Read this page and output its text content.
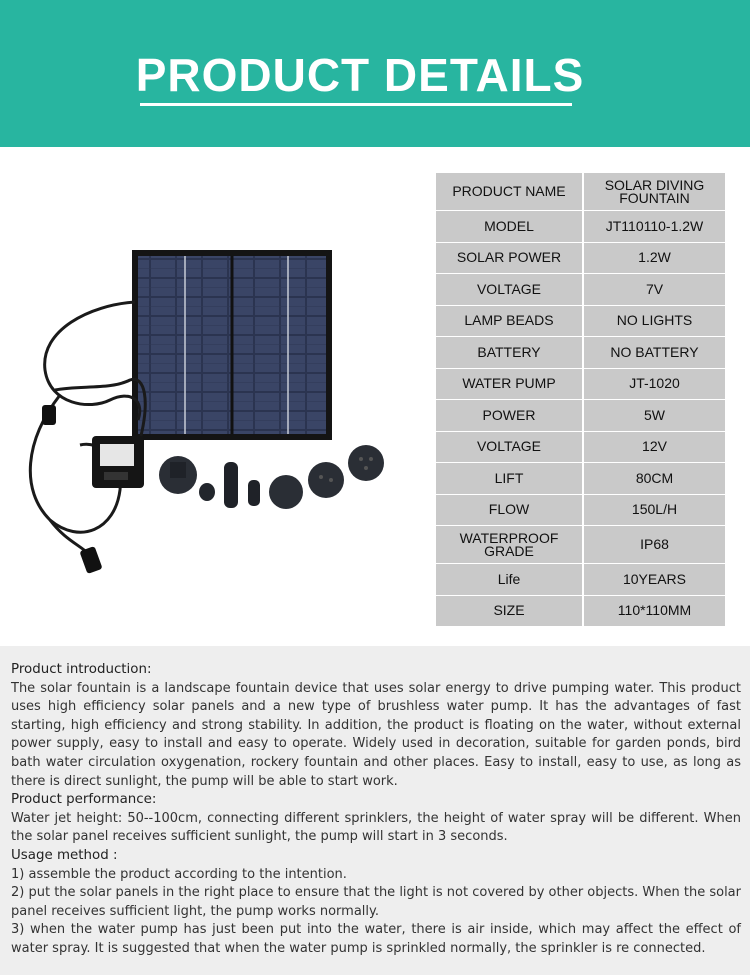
PRODUCT DETAILS
PRODUCT NAME	SOLAR DIVING FOUNTAIN
MODEL	JT110110-1.2W
SOLAR POWER	1.2W
VOLTAGE	7V
LAMP BEADS	NO LIGHTS
BATTERY	NO BATTERY
WATER PUMP	JT-1020
POWER	5W
VOLTAGE	12V
LIFT	80CM
FLOW	150L/H
WATERPROOF GRADE	IP68
Life	10YEARS
SIZE	110*110MM
Product introduction:

The solar fountain is a landscape fountain device that uses solar energy to drive pumping water. This product uses high efficiency solar panels and a new type of brushless water pump. It has the advantages of fast starting, high efficiency and strong stability. In addition, the product is floating on the water, without external power supply, easy to install and easy to operate. Widely used in decoration, suitable for garden ponds, bird bath water circulation oxygenation, rockery fountain and other places. Easy to install, easy to use, as long as there is direct sunlight, the pump will be able to start work.

Product performance:

Water jet height: 50--100cm, connecting different sprinklers, the height of water spray will be different. When the solar panel receives sufficient sunlight, the pump will start in 3 seconds.

Usage method :

1) assemble the product according to the intention.

2) put the solar panels in the right place to ensure that the light is not covered by other objects. When the solar panel receives sufficient light, the pump works normally.

3) when the water pump has just been put into the water, there is air inside, which may affect the effect of water spray. It is suggested that when the water pump is sprinkled normally, the sprinkler is re connected.
